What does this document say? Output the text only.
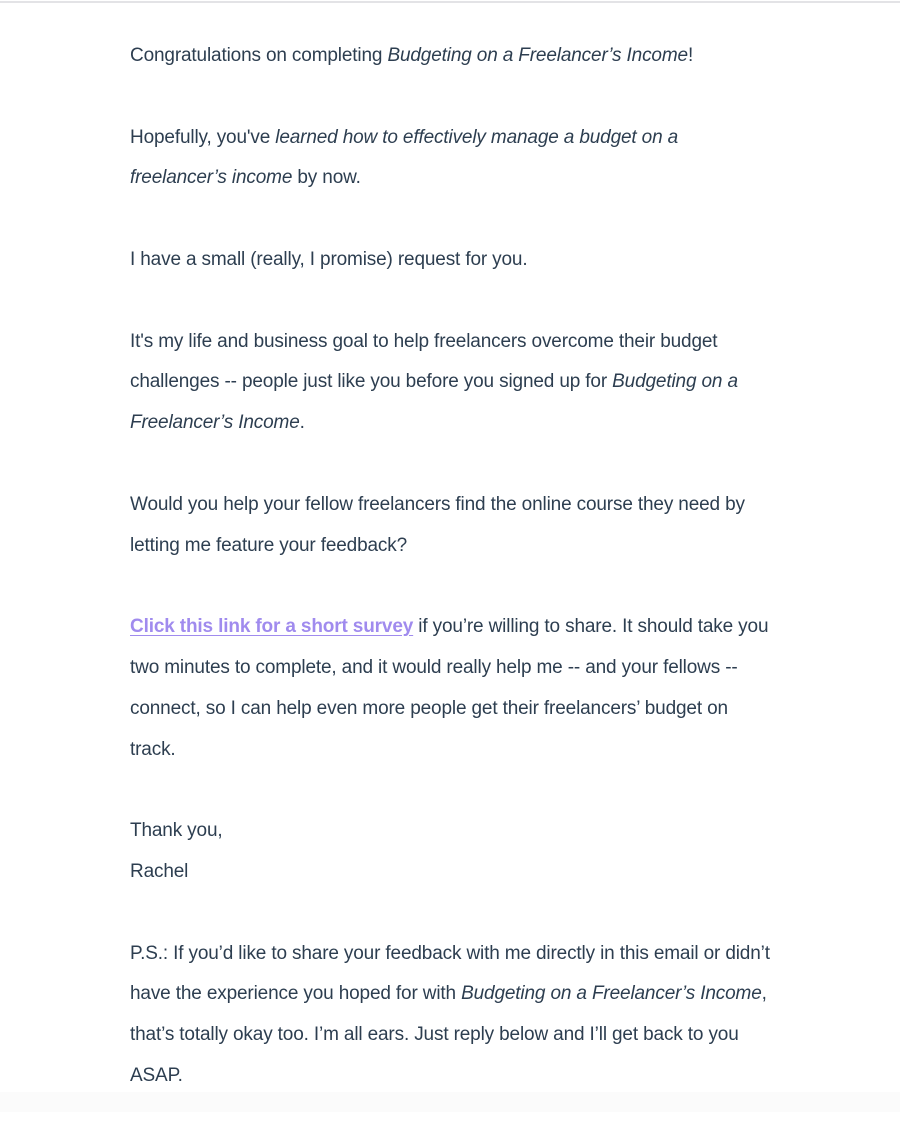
Congratulations on completing Budgeting on a Freelancer’s Income!

Hopefully, you've learned how to effectively manage a budget on a freelancer’s income by now.

I have a small (really, I promise) request for you.

It's my life and business goal to help freelancers overcome their budget challenges -- people just like you before you signed up for Budgeting on a Freelancer’s Income.

Would you help your fellow freelancers find the online course they need by letting me feature your feedback?

Click this link for a short survey if you’re willing to share. It should take you two minutes to complete, and it would really help me -- and your fellows -- connect, so I can help even more people get their freelancers’ budget on track.

Thank you,
Rachel

P.S.: If you’d like to share your feedback with me directly in this email or didn’t have the experience you hoped for with Budgeting on a Freelancer’s Income, that’s totally okay too. I’m all ears. Just reply below and I’ll get back to you ASAP.
